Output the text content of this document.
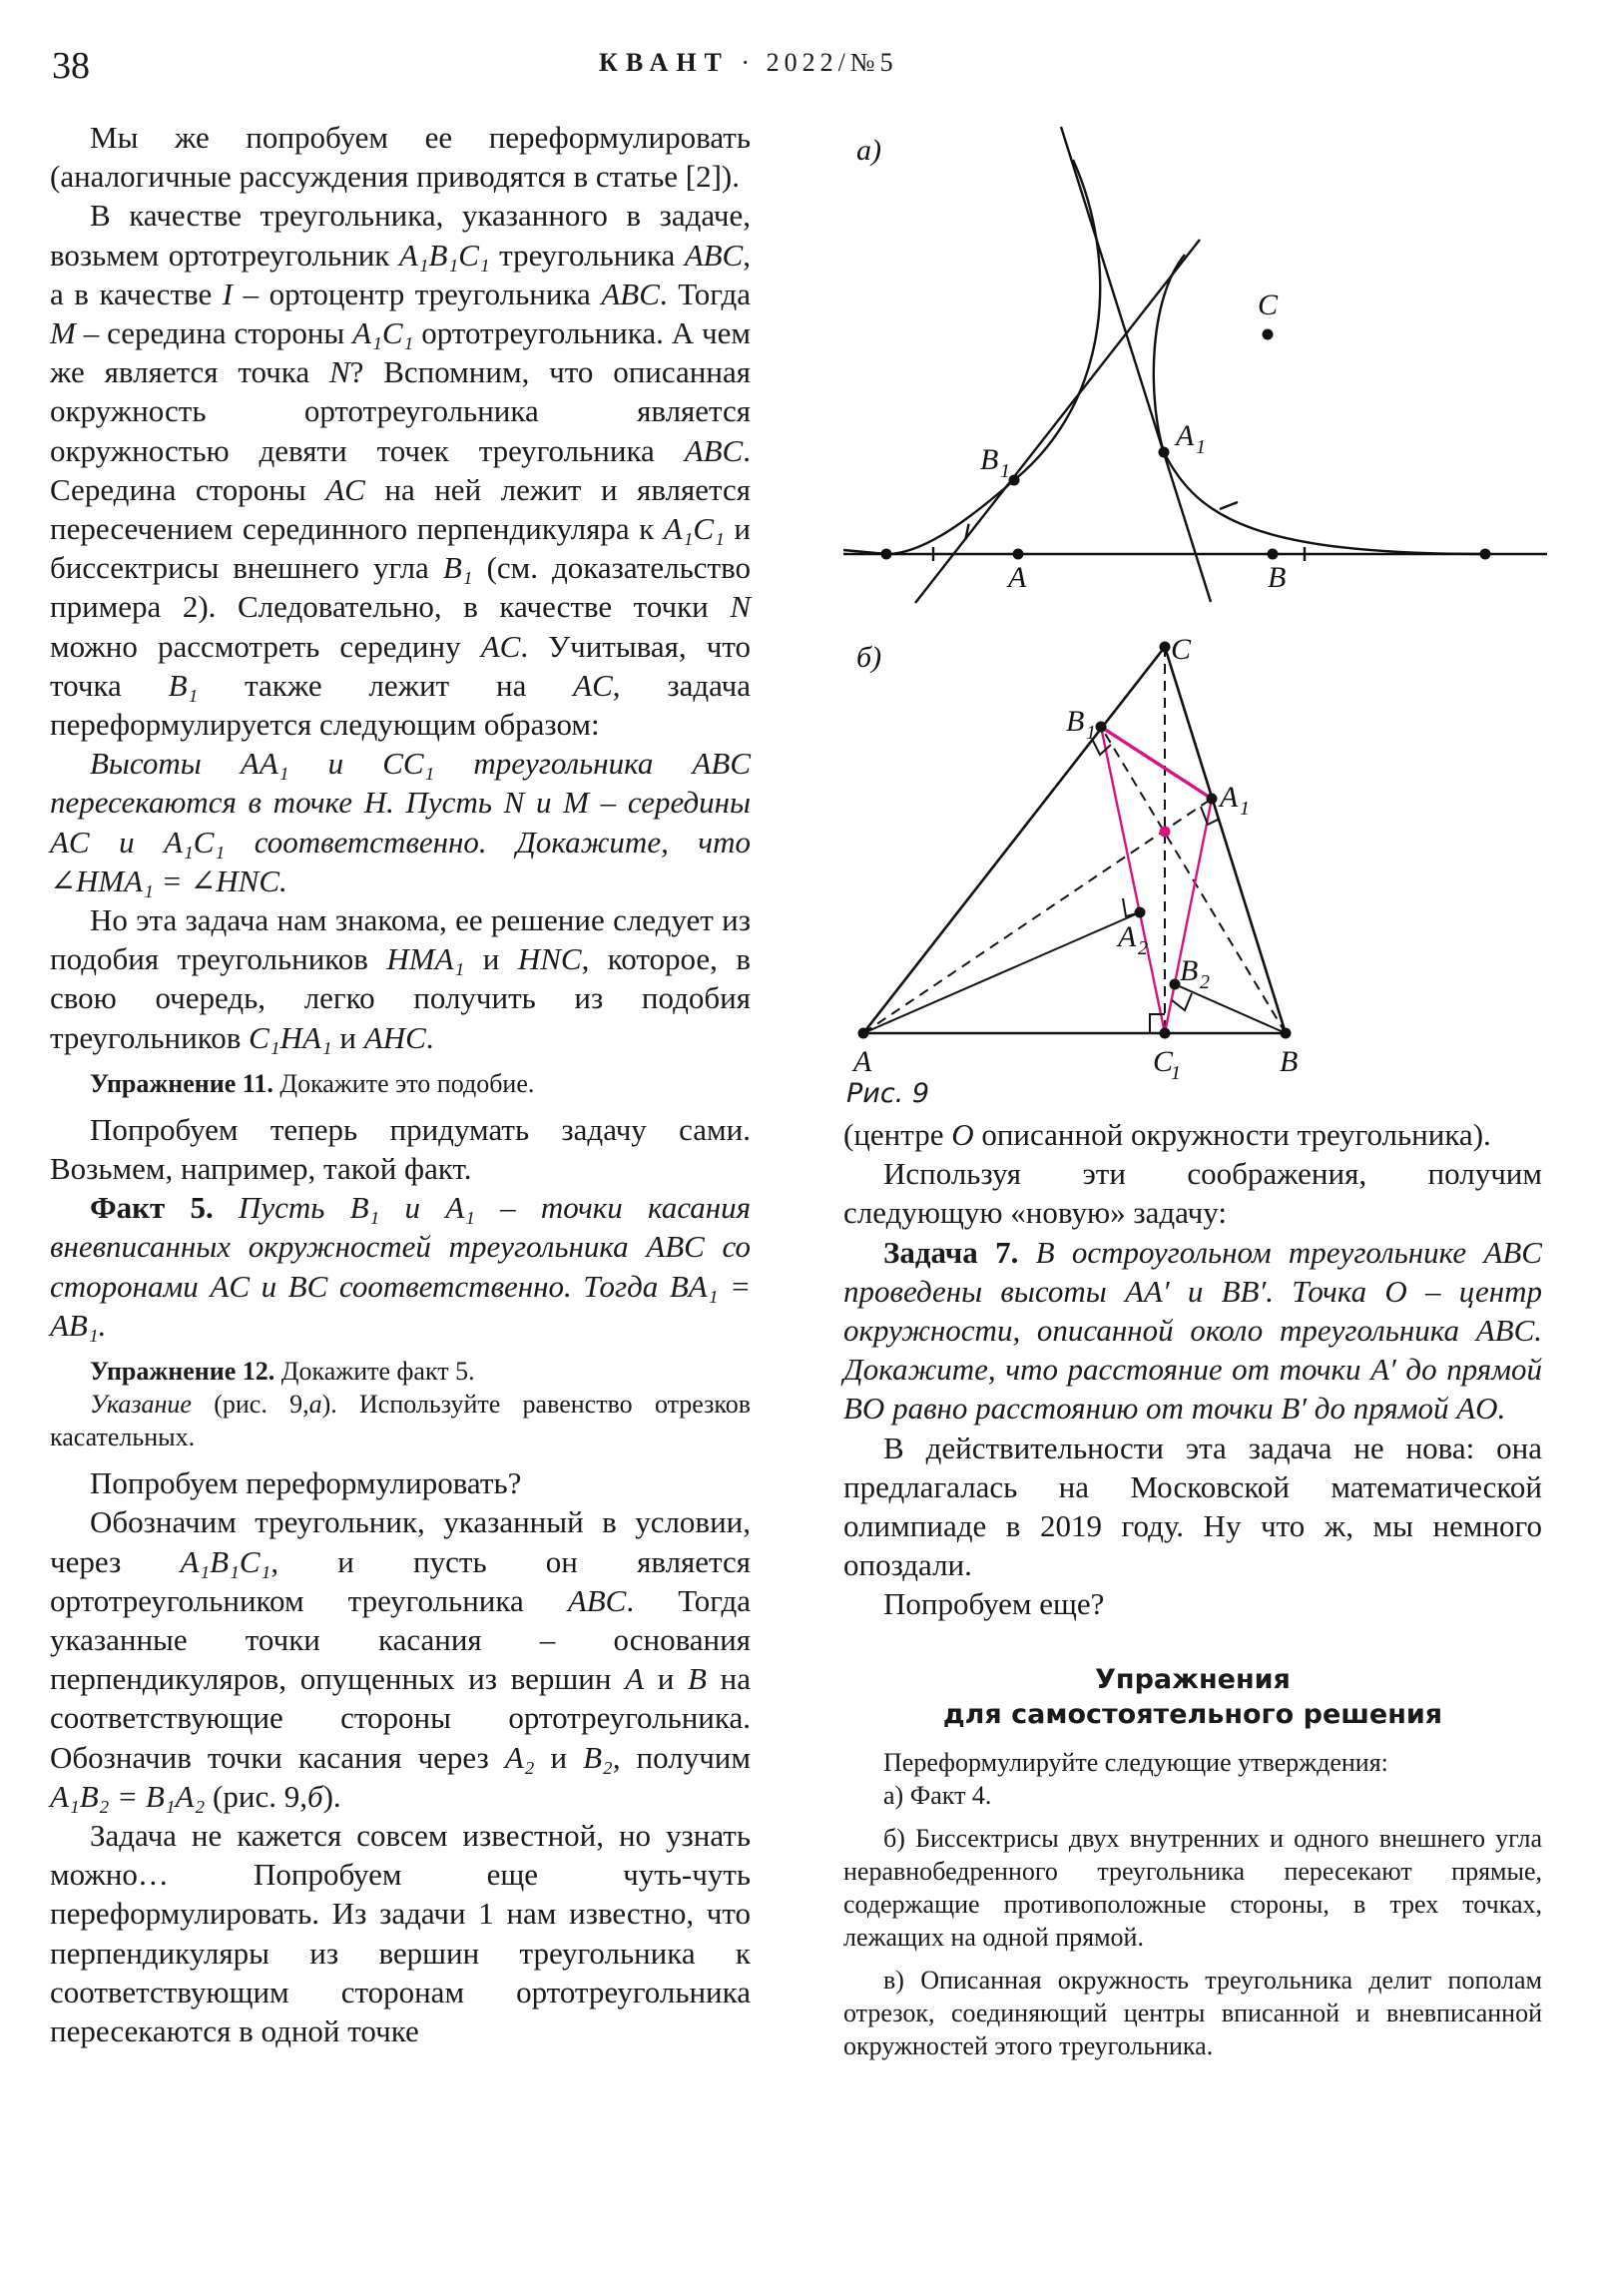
38	КВАНТ · 2022/№5

Мы же попробуем ее переформулировать (аналогичные рассуждения приводятся в статье [2]).

В качестве треугольника, указанного в задаче, возьмем ортотреугольник A₁B₁C₁ треугольника ABC, а в качестве I – ортоцентр треугольника ABC. Тогда M – середина стороны A₁C₁ ортотреугольника. А чем же является точка N? Вспомним, что описанная окружность ортотреугольника является окружностью девяти точек треугольника ABC. Середина стороны AC на ней лежит и является пересечением серединного перпендикуляра к A₁C₁ и биссектрисы внешнего угла B₁ (см. доказательство примера 2). Следовательно, в качестве точки N можно рассмотреть середину AC. Учитывая, что точка B₁ также лежит на AC, задача переформулируется следующим образом:

Высоты AA₁ и CC₁ треугольника ABC пересекаются в точке H. Пусть N и M – середины AC и A₁C₁ соответственно. Докажите, что ∠HMA₁ = ∠HNC.

Но эта задача нам знакома, ее решение следует из подобия треугольников HMA₁ и HNC, которое, в свою очередь, легко получить из подобия треугольников C₁HA₁ и AHC.

Упражнение 11. Докажите это подобие.

Попробуем теперь придумать задачу сами. Возьмем, например, такой факт.

Факт 5. Пусть B₁ и A₁ – точки касания вневписанных окружностей треугольника ABC со сторонами AC и BC соответственно. Тогда BA₁ = AB₁.

Упражнение 12. Докажите факт 5.

Указание (рис. 9,а). Используйте равенство отрезков касательных.

Попробуем переформулировать?

Обозначим треугольник, указанный в условии, через A₁B₁C₁, и пусть он является ортотреугольником треугольника ABC. Тогда указанные точки касания – основания перпендикуляров, опущенных из вершин A и B на соответствующие стороны ортотреугольника. Обозначив точки касания через A₂ и B₂, получим A₁B₂ = B₁A₂ (рис. 9,б).

Задача не кажется совсем известной, но узнать можно… Попробуем еще чуть-чуть переформулировать. Из задачи 1 нам известно, что перпендикуляры из вершин треугольника к соответствующим сторонам ортотреугольника пересекаются в одной точке

а)
A	B
C
A 1
B 1
б)
A	B
C
C
1
B 1
A 1
A 2
B 2
Рис. 9

(центре O описанной окружности треугольника).

Используя эти соображения, получим следующую «новую» задачу:

Задача 7. В остроугольном треугольнике ABC проведены высоты AA′ и BB′. Точка O – центр окружности, описанной около треугольника ABC. Докажите, что расстояние от точки A′ до прямой BO равно расстоянию от точки B′ до прямой AO.

В действительности эта задача не нова: она предлагалась на Московской математической олимпиаде в 2019 году. Ну что ж, мы немного опоздали.

Попробуем еще?

Упражнения
для самостоятельного решения

Переформулируйте следующие утверждения:

а) Факт 4.

б) Биссектрисы двух внутренних и одного внешнего угла неравнобедренного треугольника пересекают прямые, содержащие противоположные стороны, в трех точках, лежащих на одной прямой.

в) Описанная окружность треугольника делит пополам отрезок, соединяющий центры вписанной и вневписанной окружностей этого треугольника.
